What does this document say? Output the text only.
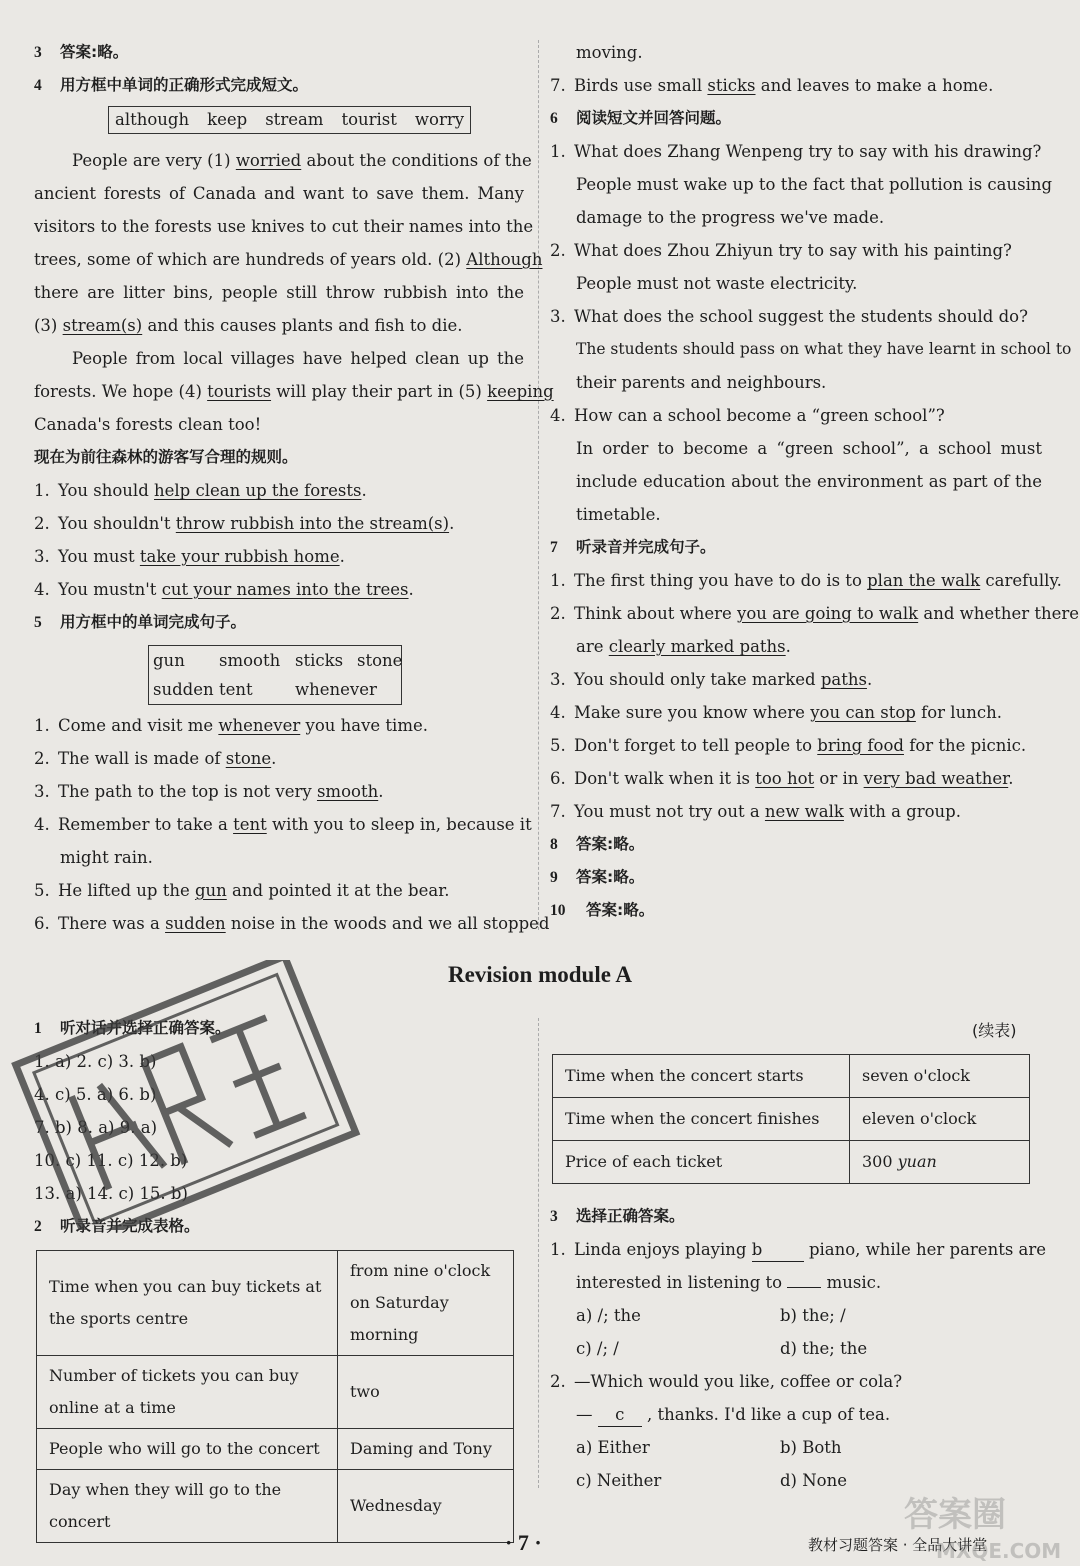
3 答案:略。
4 用方框中单词的正确形式完成短文。
although keep stream tourist worry
People are very (1) worried about the conditions of the
ancient forests of Canada and want to save them. Many
visitors to the forests use knives to cut their names into the
trees, some of which are hundreds of years old. (2) Although
there are litter bins, people still throw rubbish into the
(3) stream(s) and this causes plants and fish to die.
People from local villages have helped clean up the
forests. We hope (4) tourists will play their part in (5) keeping
Canada's forests clean too!
现在为前往森林的游客写合理的规则。
1. You should help clean up the forests.
2. You shouldn't throw rubbish into the stream(s).
3. You must take your rubbish home.
4. You mustn't cut your names into the trees.
5 用方框中的单词完成句子。
gun smooth sticks stone
sudden tent	whenever
1. Come and visit me whenever you have time.
2. The wall is made of stone.
3. The path to the top is not very smooth.
4. Remember to take a tent with you to sleep in, because it
might rain.
5. He lifted up the gun and pointed it at the bear.
6. There was a sudden noise in the woods and we all stopped
moving.
7. Birds use small sticks and leaves to make a home.
6 阅读短文并回答问题。
1. What does Zhang Wenpeng try to say with his drawing?
People must wake up to the fact that pollution is causing
damage to the progress we've made.
2. What does Zhou Zhiyun try to say with his painting?
People must not waste electricity.
3. What does the school suggest the students should do?
The students should pass on what they have learnt in school to
their parents and neighbours.
4. How can a school become a “green school”?
In order to become a “green school”, a school must
include education about the environment as part of the
timetable.
7 听录音并完成句子。
1. The first thing you have to do is to plan the walk carefully.
2. Think about where you are going to walk and whether there
are clearly marked paths.
3. You should only take marked paths.
4. Make sure you know where you can stop for lunch.
5. Don't forget to tell people to bring food for the picnic.
6. Don't walk when it is too hot or in very bad weather.
7. You must not try out a new walk with a group.
8 答案:略。
9 答案:略。
10 答案:略。
Revision module A
1 听对话并选择正确答案。
1. a) 2. c) 3. b)
4. c) 5. a) 6. b)
7. b) 8. a) 9. a)
10. c) 11. c) 12. b)
13. a) 14. c) 15. b)
2 听录音并完成表格。
Time when you can buy tickets at the sports centre	from nine o'clock on Saturday morning
Number of tickets you can buy online at a time	two
People who will go to the concert	Daming and Tony
Day when they will go to the concert	Wednesday
(续表)
Time when the concert starts	seven o'clock
Time when the concert finishes	eleven o'clock
Price of each ticket	300 yuan
3 选择正确答案。
1. Linda enjoys playing b	piano, while her parents are
interested in listening to  music.
a) /; the	b) the; /
c) /; /	d) the; the
2. —Which would you like, coffee or cola?
— c , thanks. I'd like a cup of tea.
a) Either	b) Both
c) Neither	d) None
· 7 ·	教材习题答案 · 全品大讲堂
答案圈
MXQE.COM
